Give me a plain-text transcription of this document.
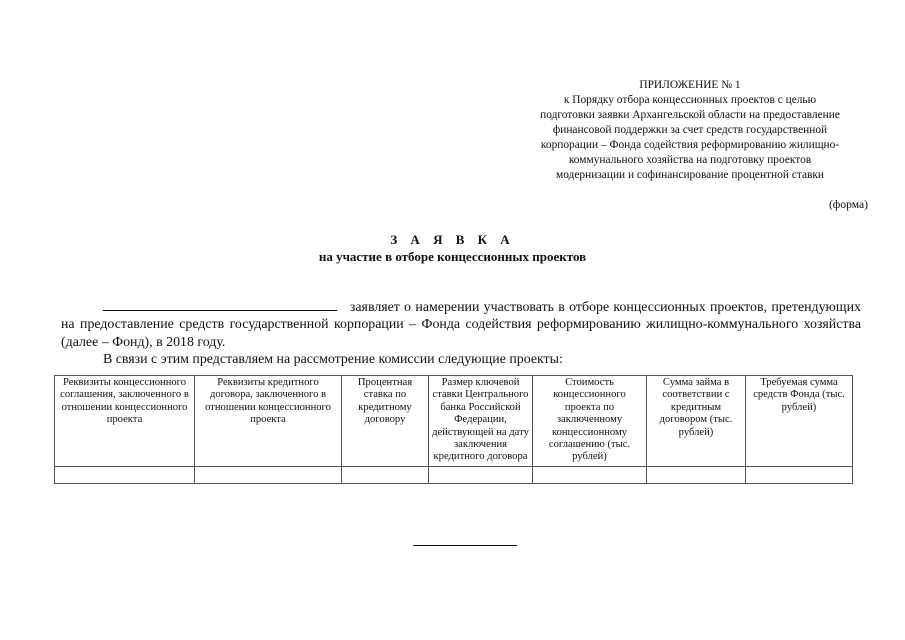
ПРИЛОЖЕНИЕ № 1
к Порядку отбора концессионных проектов с целью
подготовки заявки Архангельской области на предоставление
финансовой поддержки за счет средств государственной
корпорации – Фонда содействия реформированию жилищно-
коммунального хозяйства на подготовку проектов
модернизации и софинансирование процентной ставки
(форма)
З А Я В К А
на участие в отборе концессионных проектов

заявляет о намерении участвовать в отборе концессионных проектов, претендующих на предоставление средств государственной корпорации – Фонда содействия реформированию жилищно-коммунального хозяйства (далее – Фонд), в 2018 году.

В связи с этим представляем на рассмотрение комиссии следующие проекты:

Реквизиты концессионного соглашения, заключенного в отношении концессионного проекта	Реквизиты кредитного договора, заключенного в отношении концессионного проекта	Процентная ставка по кредитному договору	Размер ключевой ставки Центрального банка Российской Федерации, действующей на дату заключения кредитного договора	Стоимость концессионного проекта по заключенному концессионному соглашению (тыс. рублей)	Сумма займа в соответствии с кредитным договором (тыс. рублей)	Требуемая сумма средств Фонда (тыс. рублей)
